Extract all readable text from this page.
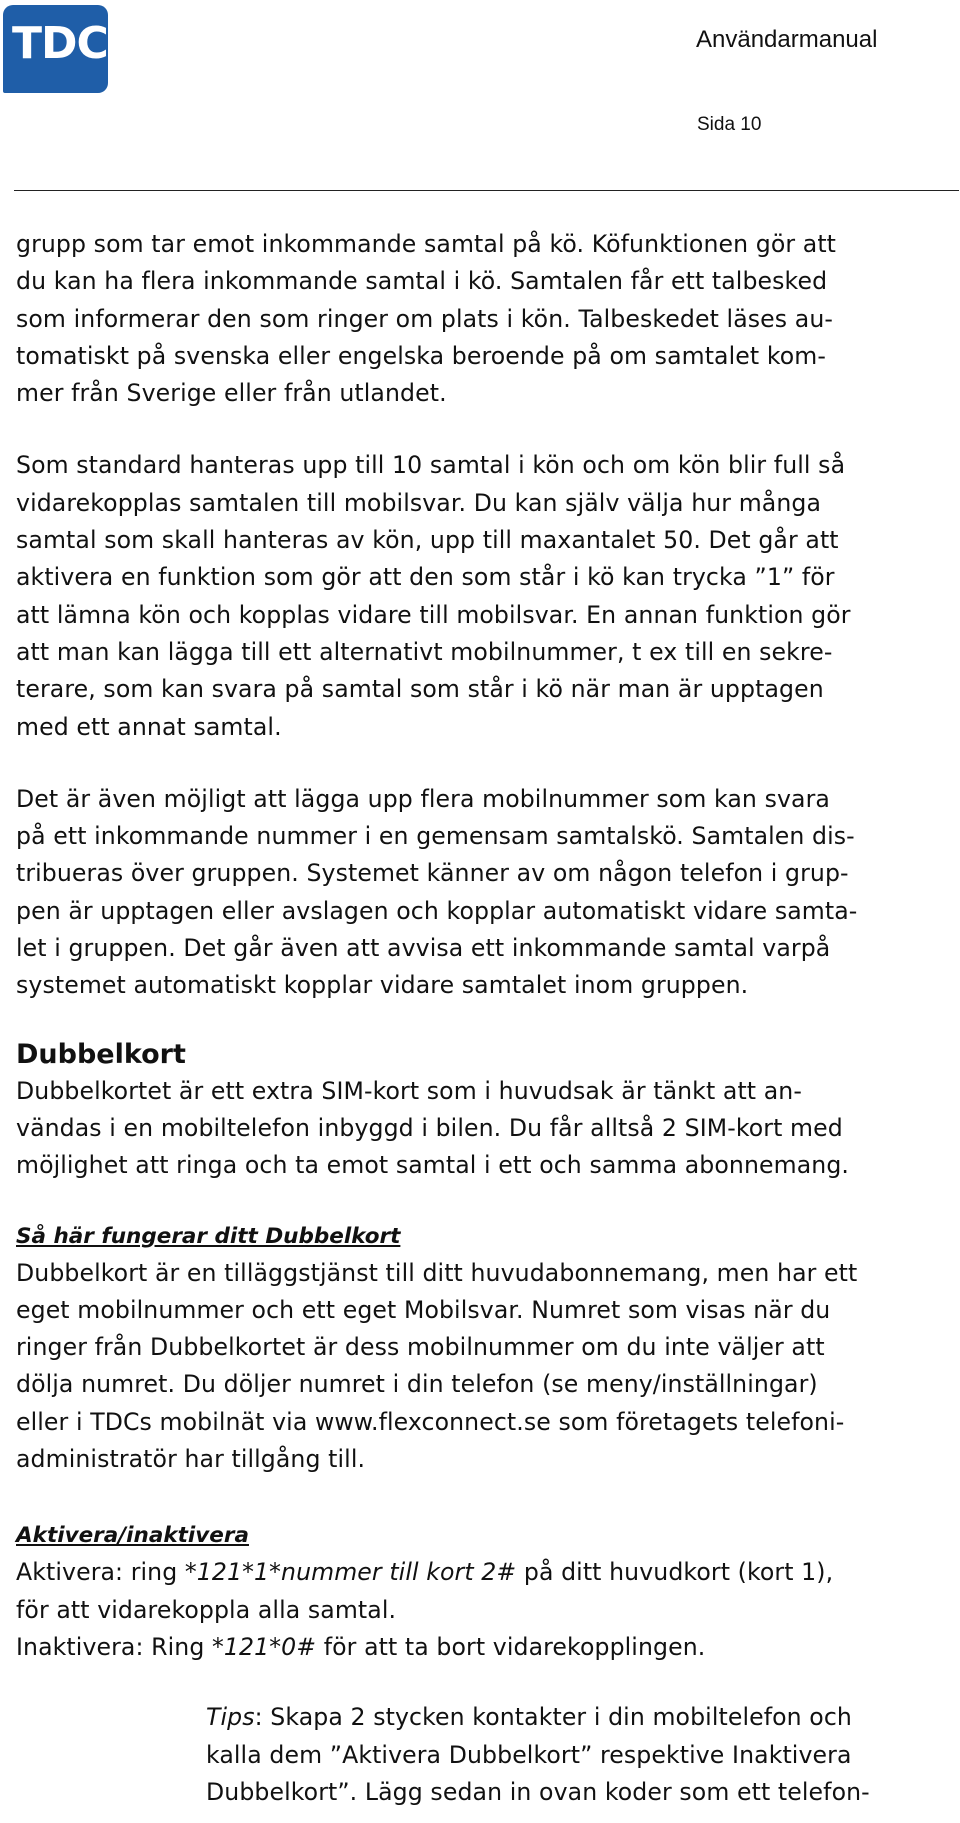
TDC	Användarmanual
Sida 10

grupp som tar emot inkommande samtal på kö. Köfunktionen gör att

du kan ha flera inkommande samtal i kö. Samtalen får ett talbesked

som informerar den som ringer om plats i kön. Talbeskedet läses au-

tomatiskt på svenska eller engelska beroende på om samtalet kom-

mer från Sverige eller från utlandet.

Som standard hanteras upp till 10 samtal i kön och om kön blir full så

vidarekopplas samtalen till mobilsvar. Du kan själv välja hur många

samtal som skall hanteras av kön, upp till maxantalet 50. Det går att

aktivera en funktion som gör att den som står i kö kan trycka ”1” för

att lämna kön och kopplas vidare till mobilsvar. En annan funktion gör

att man kan lägga till ett alternativt mobilnummer, t ex till en sekre-

terare, som kan svara på samtal som står i kö när man är upptagen

med ett annat samtal.

Det är även möjligt att lägga upp flera mobilnummer som kan svara

på ett inkommande nummer i en gemensam samtalskö. Samtalen dis-

tribueras över gruppen. Systemet känner av om någon telefon i grup-

pen är upptagen eller avslagen och kopplar automatiskt vidare samta-

let i gruppen. Det går även att avvisa ett inkommande samtal varpå

systemet automatiskt kopplar vidare samtalet inom gruppen.

Dubbelkort

Dubbelkortet är ett extra SIM-kort som i huvudsak är tänkt att an-

vändas i en mobiltelefon inbyggd i bilen. Du får alltså 2 SIM-kort med

möjlighet att ringa och ta emot samtal i ett och samma abonnemang.

Så här fungerar ditt Dubbelkort

Dubbelkort är en tilläggstjänst till ditt huvudabonnemang, men har ett

eget mobilnummer och ett eget Mobilsvar. Numret som visas när du

ringer från Dubbelkortet är dess mobilnummer om du inte väljer att

dölja numret. Du döljer numret i din telefon (se meny/inställningar)

eller i TDCs mobilnät via www.flexconnect.se som företagets telefoni-

administratör har tillgång till.

Aktivera/inaktivera

Aktivera: ring *121*1*nummer till kort 2# på ditt huvudkort (kort 1),

för att vidarekoppla alla samtal.

Inaktivera: Ring *121*0# för att ta bort vidarekopplingen.

Tips: Skapa 2 stycken kontakter i din mobiltelefon och

kalla dem ”Aktivera Dubbelkort” respektive Inaktivera

Dubbelkort”. Lägg sedan in ovan koder som ett telefon-
